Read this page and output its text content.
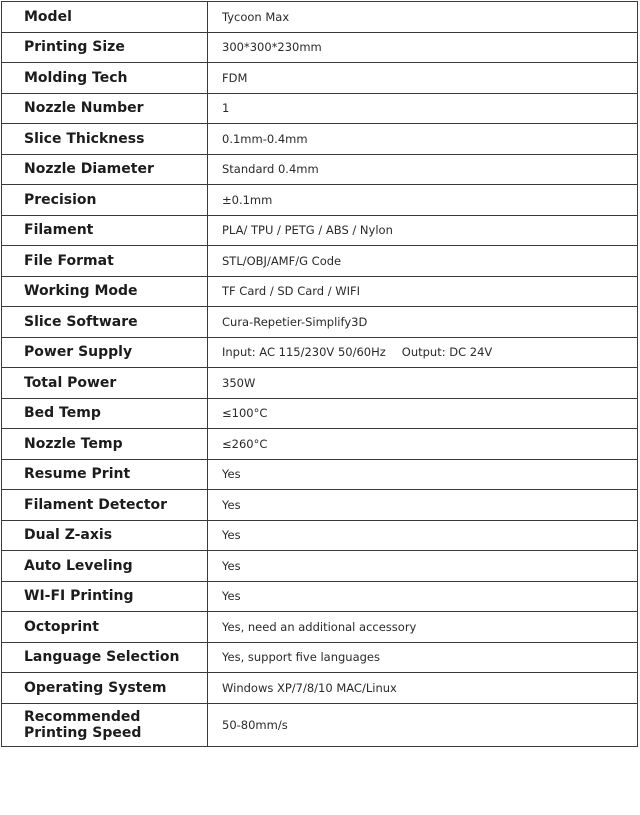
Model	Tycoon Max
Printing Size	300*300*230mm
Molding Tech	FDM
Nozzle Number	1
Slice Thickness	0.1mm-0.4mm
Nozzle Diameter	Standard 0.4mm
Precision	±0.1mm
Filament	PLA/ TPU / PETG / ABS / Nylon
File Format	STL/OBJ/AMF/G Code
Working Mode	TF Card / SD Card / WIFI
Slice Software	Cura-Repetier-Simplify3D
Power Supply	Input: AC 115/230V 50/60Hz Output: DC 24V
Total Power	350W
Bed Temp	≤100°C
Nozzle Temp	≤260°C
Resume Print	Yes
Filament Detector	Yes
Dual Z-axis	Yes
Auto Leveling	Yes
WI-FI Printing	Yes
Octoprint	Yes, need an additional accessory
Language Selection	Yes, support five languages
Operating System	Windows XP/7/8/10 MAC/Linux
Recommended
Printing Speed	50-80mm/s
